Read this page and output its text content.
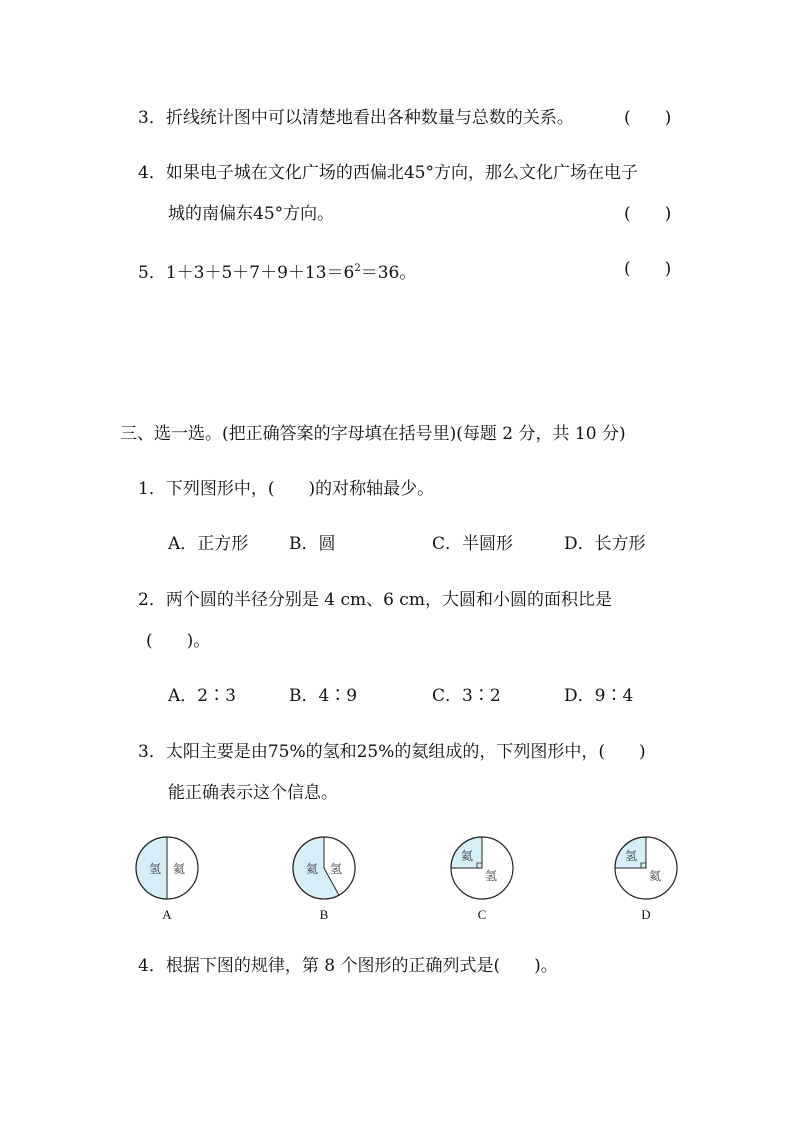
3．折线统计图中可以清楚地看出各种数量与总数的关系。	(　　)
4．如果电子城在文化广场的西偏北45°方向，那么文化广场在电子
城的南偏东45°方向。	(　　)
5．$1+3+5+7+9+13=6^2=36$。	(　　)
三、选一选。(把正确答案的字母填在括号里)(每题 2 分，共 10 分)
1．下列图形中，(　　)的对称轴最少。
A．正方形 B．圆	C．半圆形	D．长方形
2．两个圆的半径分别是 4 cm、6 cm，大圆和小圆的面积比是
(　　)。
A．2∶3	B．4∶9	C．3∶2	D．9∶4
3．太阳主要是由75%的氢和25%的氦组成的，下列图形中，(　　)
能正确表示这个信息。
氢 氦
A
氦 氢
B
氦
氢
C
氢
氦
D
4．根据下图的规律，第 8 个图形的正确列式是(　　)。
